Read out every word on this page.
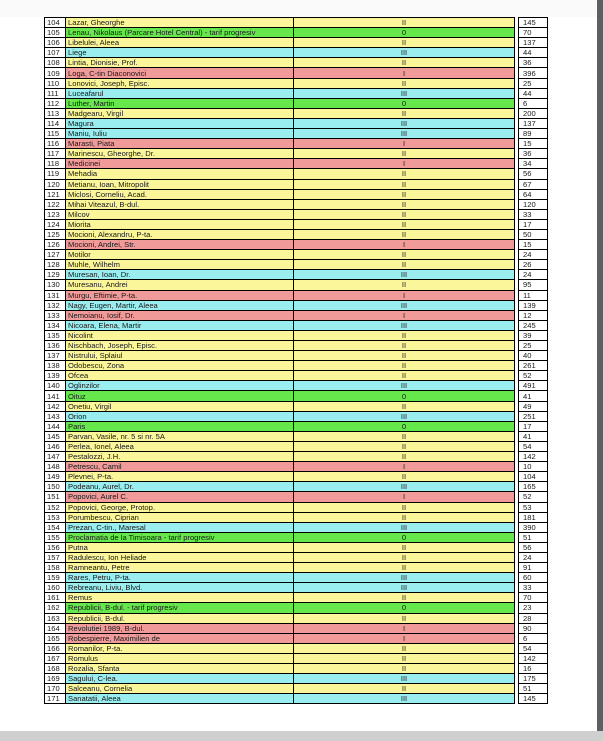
104	Lazar, Gheorghe	II		145
105	Lenau, Nikolaus (Parcare Hotel Central) - tarif progresiv	0		70
106	Libelulei, Aleea	II		137
107	Liege	III		44
108	Lintia, Dionisie, Prof.	II		36
109	Loga, C-tin Diaconovici	I		396
110	Lonovici, Joseph, Episc.	II		25
111	Luceafarul	III		44
112	Luther, Martin	0		6
113	Madgearu, Virgil	II		200
114	Magura	III		137
115	Maniu, Iuliu	III		89
116	Marasti, Piata	I		15
117	Marinescu, Gheorghe, Dr.	II		36
118	Medicinei	I		34
119	Mehadia	II		56
120	Metianu, Ioan, Mitropolit	II		67
121	Miclosi, Corneliu, Acad.	II		64
122	Mihai Viteazul, B-dul.	II		120
123	Milcov	II		33
124	Miorita	II		17
125	Mocioni, Alexandru, P-ta.	II		50
126	Mocioni, Andrei, Str.	I		15
127	Motilor	II		24
128	Muhle, Wilhelm	II		26
129	Muresan, Ioan, Dr.	III		24
130	Muresanu, Andrei	II		95
131	Murgu, Eftimie, P-ta.	I		11
132	Nagy, Eugen, Martir, Aleea	III		139
133	Nemoianu, Iosif, Dr.	I		12
134	Nicoara, Elena, Martir	III		245
135	Nicolint	II		39
136	Nischbach, Joseph, Episc.	II		25
137	Nistrului, Splaiul	II		40
138	Odobescu, Zona	II		261
139	Ofcea	II		52
140	Oglinzilor	III		491
141	Oituz	0		41
142	Onetiu, Virgil	II		49
143	Orion	III		251
144	Paris	0		17
145	Parvan, Vasile, nr. 5 si nr. 5A	II		41
146	Perlea, Ionel, Aleea	II		54
147	Pestalozzi, J.H.	II		142
148	Petrescu, Camil	I		10
149	Plevnei, P-ta.	II		104
150	Podeanu, Aurel, Dr.	III		165
151	Popovici, Aurel C.	I		52
152	Popovici, George, Protop.	II		53
153	Porumbescu, Ciprian	II		181
154	Prezan, C-tin., Maresal	III		390
155	Proclamatia de la Timisoara - tarif progresiv	0		51
156	Putna	II		56
157	Radulescu, Ion Heliade	II		24
158	Ramneantu, Petre	II		91
159	Rares, Petru, P-ta.	III		60
160	Rebreanu, Liviu, Blvd.	III		33
161	Remus	II		70
162	Republicii, B-dul. - tarif progresiv	0		23
163	Republicii, B-dul.	II		28
164	Revolutiei 1989, B-dul.	I		90
165	Robespierre, Maximilien de	I		6
166	Romanilor, P-ta.	II		54
167	Romulus	II		142
168	Rozalia, Sfanta	II		16
169	Sagului, C-lea.	III		175
170	Salceanu, Cornelia	II		51
171	Sanatatii, Aleea	III		145
